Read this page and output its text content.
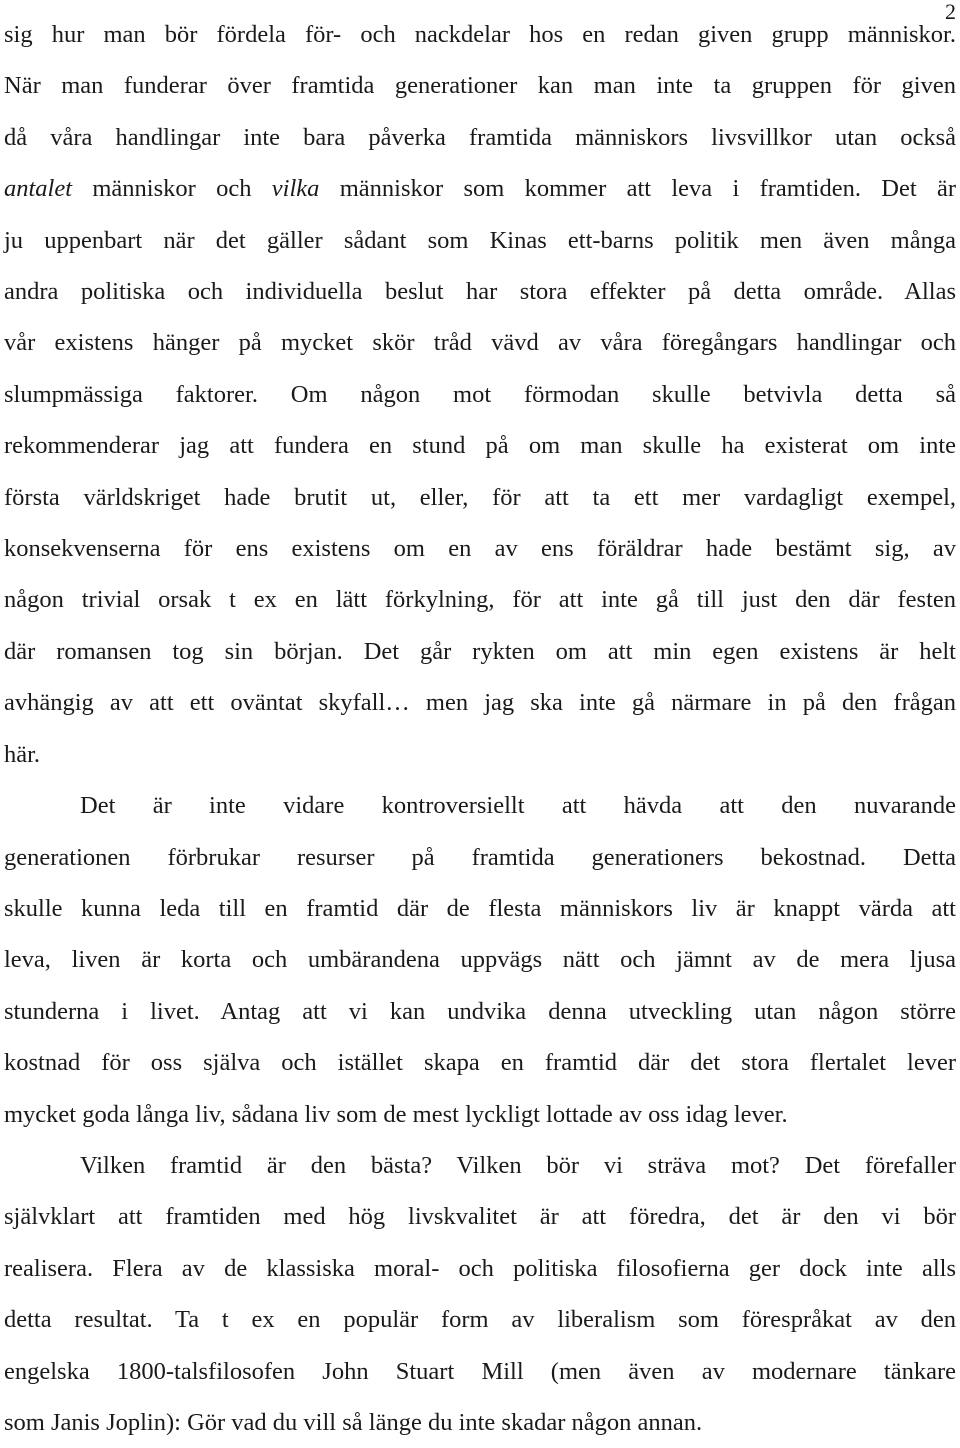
2
sig hur man bör fördela för- och nackdelar hos en redan given grupp människor.
När man funderar över framtida generationer kan man inte ta gruppen för given
då våra handlingar inte bara påverka framtida människors livsvillkor utan också
antalet människor och vilka människor som kommer att leva i framtiden. Det är
ju uppenbart när det gäller sådant som Kinas ett-barns politik men även många
andra politiska och individuella beslut har stora effekter på detta område. Allas
vår existens hänger på mycket skör tråd vävd av våra föregångars handlingar och
slumpmässiga faktorer. Om någon mot förmodan skulle betvivla detta så
rekommenderar jag att fundera en stund på om man skulle ha existerat om inte
första världskriget hade brutit ut, eller, för att ta ett mer vardagligt exempel,
konsekvenserna för ens existens om en av ens föräldrar hade bestämt sig, av
någon trivial orsak t ex en lätt förkylning, för att inte gå till just den där festen
där romansen tog sin början. Det går rykten om att min egen existens är helt
avhängig av att ett oväntat skyfall… men jag ska inte gå närmare in på den frågan
här.
Det är inte vidare kontroversiellt att hävda att den nuvarande
generationen förbrukar resurser på framtida generationers bekostnad. Detta
skulle kunna leda till en framtid där de flesta människors liv är knappt värda att
leva, liven är korta och umbärandena uppvägs nätt och jämnt av de mera ljusa
stunderna i livet. Antag att vi kan undvika denna utveckling utan någon större
kostnad för oss själva och istället skapa en framtid där det stora flertalet lever
mycket goda långa liv, sådana liv som de mest lyckligt lottade av oss idag lever.
Vilken framtid är den bästa? Vilken bör vi sträva mot? Det förefaller
självklart att framtiden med hög livskvalitet är att föredra, det är den vi bör
realisera. Flera av de klassiska moral- och politiska filosofierna ger dock inte alls
detta resultat. Ta t ex en populär form av liberalism som förespråkat av den
engelska 1800-talsfilosofen John Stuart Mill (men även av modernare tänkare
som Janis Joplin): Gör vad du vill så länge du inte skadar någon annan.
